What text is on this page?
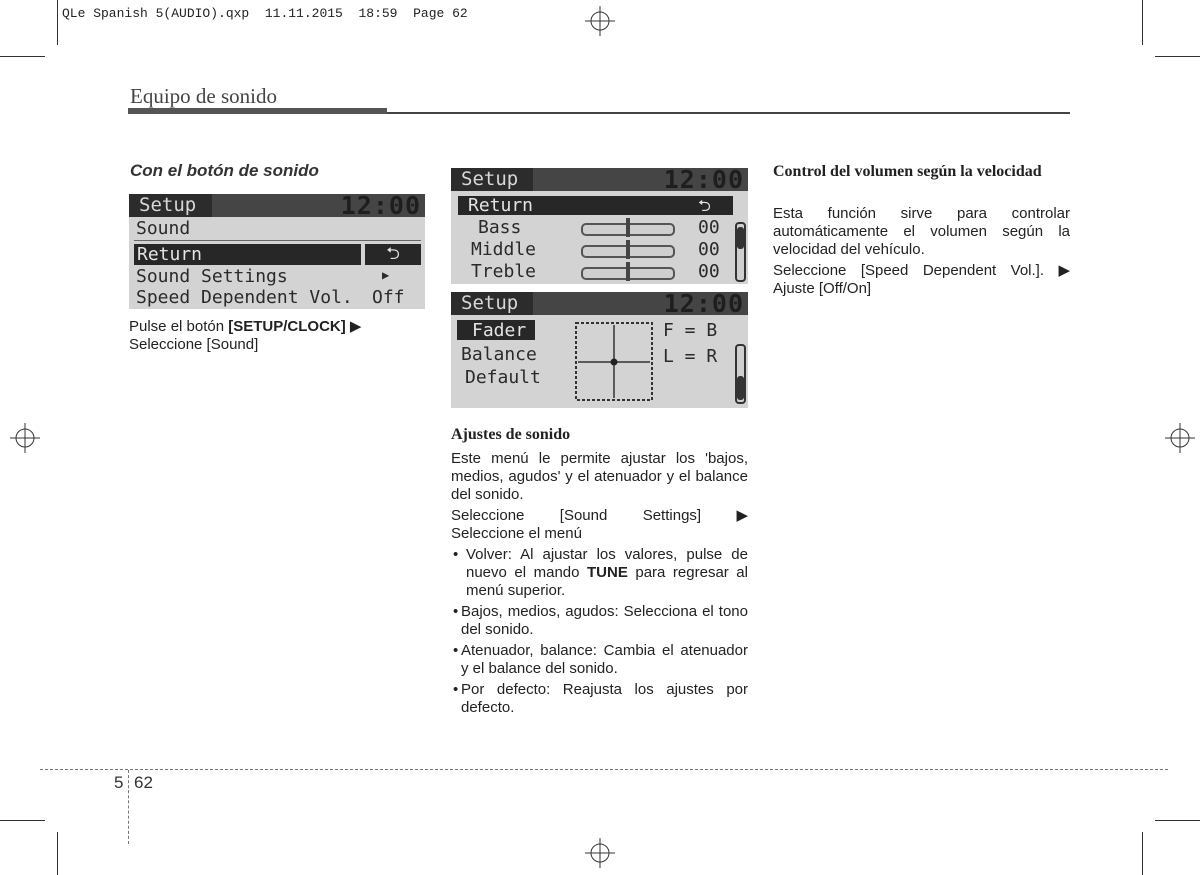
QLe Spanish 5(AUDIO).qxp 11.11.2015 18:59 Page 62
Equipo de sonido
Con el botón de sonido
Setup	12:00
Sound
Return	⮌
Sound Settings	▶
Speed Dependent Vol. Off
Pulse el botón [SETUP/CLOCK] ▶
Seleccione [Sound]
Setup	12:00
Return	⮌
Bass	00
Middle	00
Treble	00
Setup	12:00
Fader
Balance
Default
F = B
L = R
Ajustes de sonido
Este menú le permite ajustar los 'bajos, medios, agudos' y el atenuador y el balance del sonido.
Seleccione [Sound Settings] ▶
Seleccione el menú
• Volver: Al ajustar los valores, pulse de nuevo el mando TUNE para regresar al menú superior.
• Bajos, medios, agudos: Selecciona el tono del sonido.
• Atenuador, balance: Cambia el atenuador y el balance del sonido.
• Por defecto: Reajusta los ajustes por defecto.
Control del volumen según la velocidad
Esta función sirve para controlar automáticamente el volumen según la velocidad del vehículo.
Seleccione [Speed Dependent Vol.]. ▶ Ajuste [Off/On]
5 62
